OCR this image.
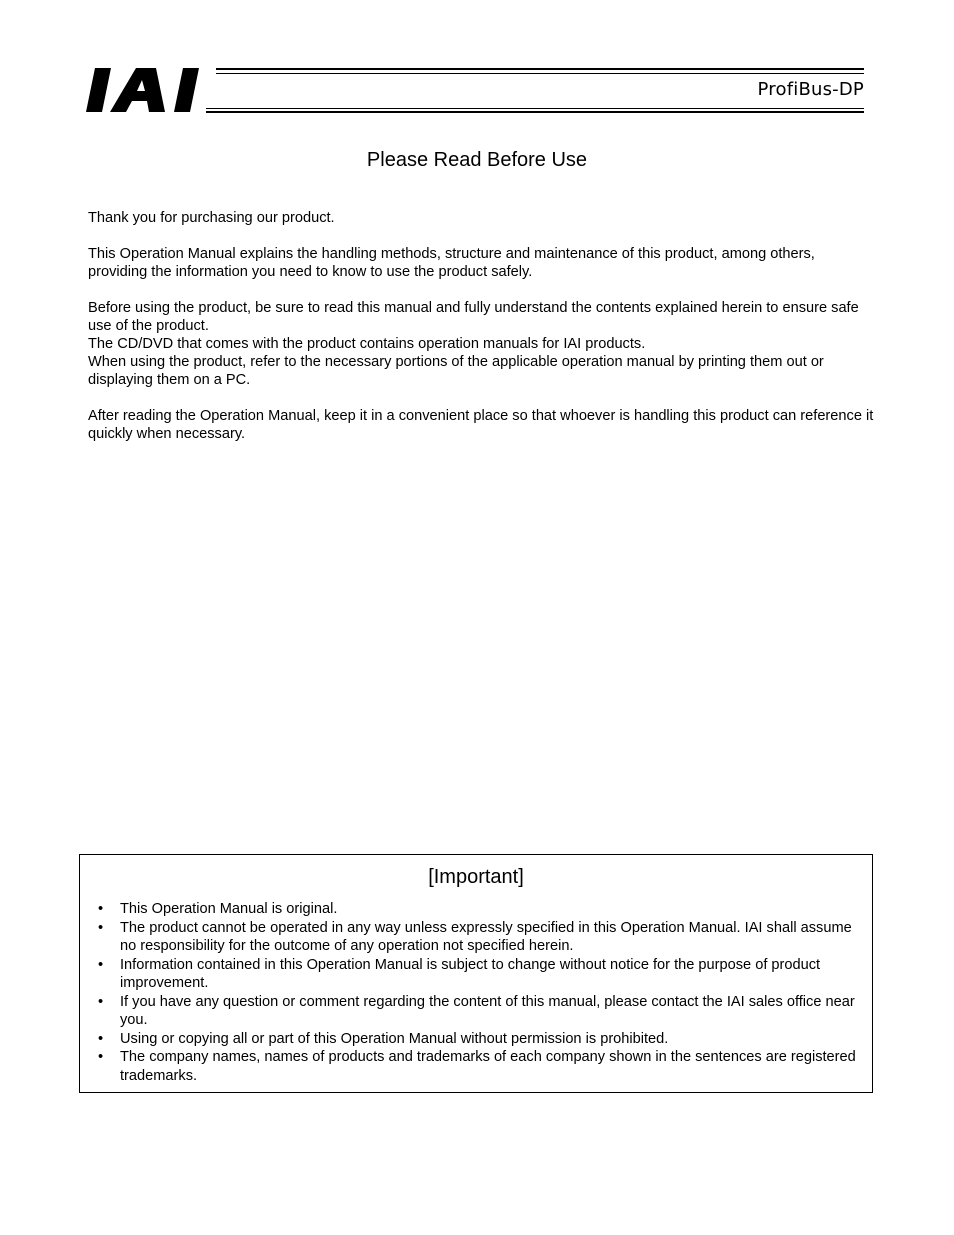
ProfiBus-DP
Please Read Before Use

Thank you for purchasing our product.

This Operation Manual explains the handling methods, structure and maintenance of this product, among others, providing the information you need to know to use the product safely.

Before using the product, be sure to read this manual and fully understand the contents explained herein to ensure safe use of the product.

The CD/DVD that comes with the product contains operation manuals for IAI products.

When using the product, refer to the necessary portions of the applicable operation manual by printing them out or displaying them on a PC.

After reading the Operation Manual, keep it in a convenient place so that whoever is handling this product can reference it quickly when necessary.

[Important]
• This Operation Manual is original.
• The product cannot be operated in any way unless expressly specified in this Operation Manual. IAI shall assume no responsibility for the outcome of any operation not specified herein.
• Information contained in this Operation Manual is subject to change without notice for the purpose of product improvement.
• If you have any question or comment regarding the content of this manual, please contact the IAI sales office near you.
• Using or copying all or part of this Operation Manual without permission is prohibited.
• The company names, names of products and trademarks of each company shown in the sentences are registered trademarks.
